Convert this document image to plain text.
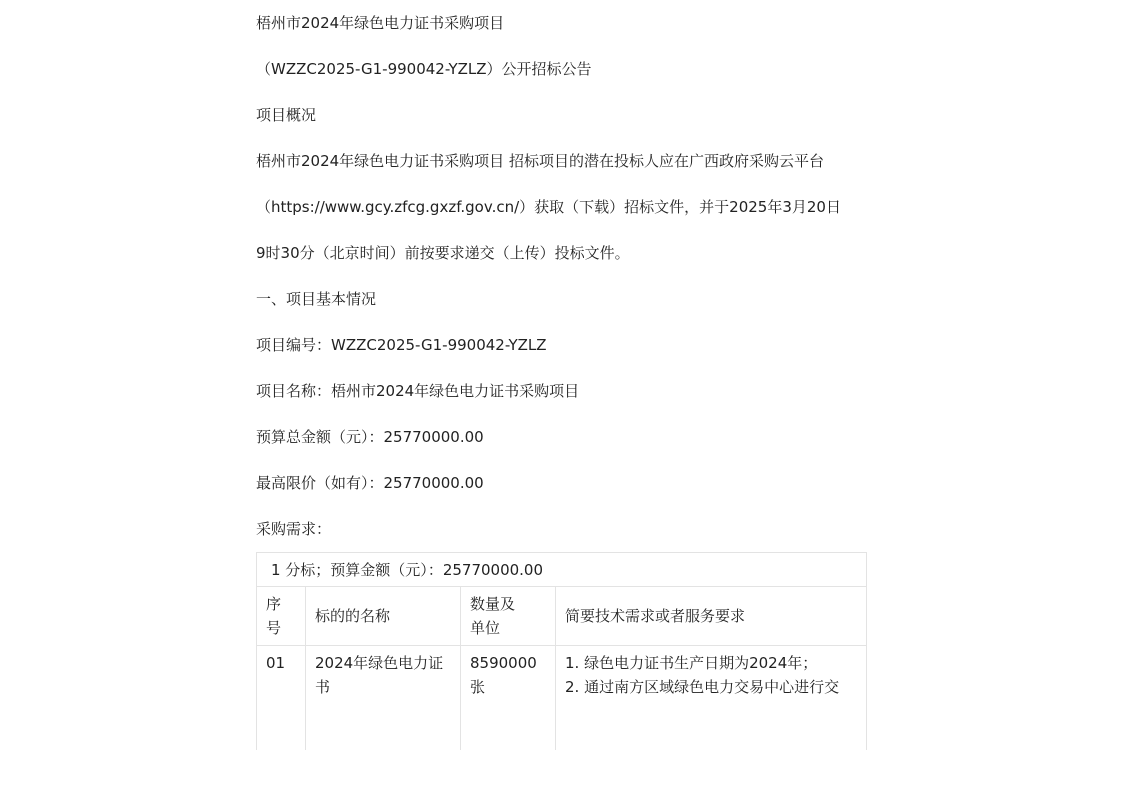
梧州市2024年绿色电力证书采购项目
（WZZC2025-G1-990042-YZLZ）公开招标公告
项目概况
梧州市2024年绿色电力证书采购项目 招标项目的潜在投标人应在广西政府采购云平台
（https://www.gcy.zfcg.gxzf.gov.cn/）获取（下载）招标文件，并于2025年3月20日
9时30分（北京时间）前按要求递交（上传）投标文件。
一、项目基本情况
项目编号：WZZC2025-G1-990042-YZLZ
项目名称：梧州市2024年绿色电力证书采购项目
预算总金额（元）：25770000.00
最高限价（如有）：25770000.00
采购需求：
1 分标；预算金额（元）：25770000.00			
序号	标的的名称	数量及单位	简要技术需求或者服务要求
01	2024年绿色电力证书	8590000张	1. 绿色电力证书生产日期为2024年；
2. 通过南方区域绿色电力交易中心进行交
